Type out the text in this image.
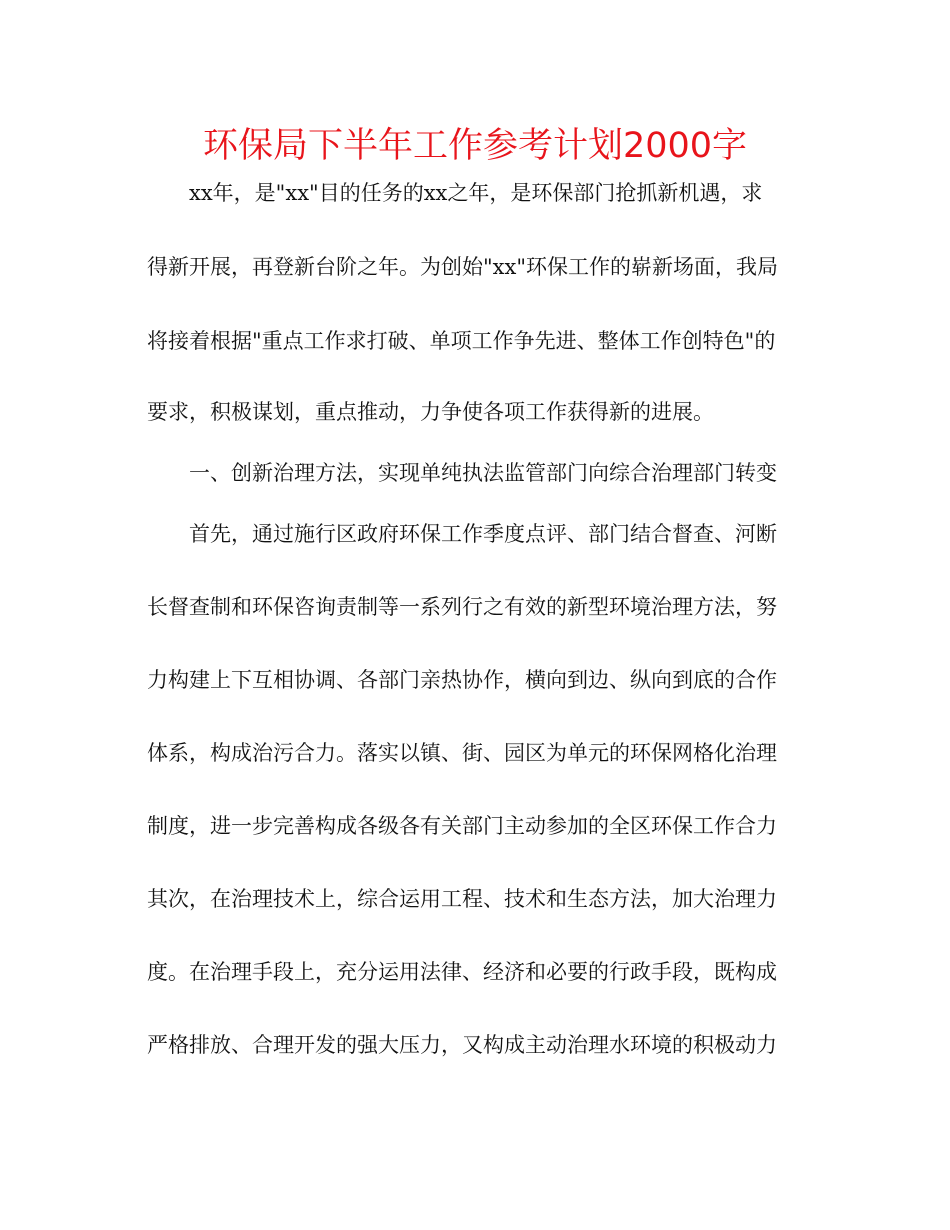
环保局下半年工作参考计划2000字
xx年，是"xx"目的任务的xx之年，是环保部门抢抓新机遇，求
得新开展，再登新台阶之年。为创始"xx"环保工作的崭新场面，我局
将接着根据"重点工作求打破、单项工作争先进、整体工作创特色"的
要求，积极谋划，重点推动，力争使各项工作获得新的进展。
一、创新治理方法，实现单纯执法监管部门向综合治理部门转变
首先，通过施行区政府环保工作季度点评、部门结合督查、河断
长督查制和环保咨询责制等一系列行之有效的新型环境治理方法，努
力构建上下互相协调、各部门亲热协作，横向到边、纵向到底的合作
体系，构成治污合力。落实以镇、街、园区为单元的环保网格化治理
制度，进一步完善构成各级各有关部门主动参加的全区环保工作合力
其次，在治理技术上，综合运用工程、技术和生态方法，加大治理力
度。在治理手段上，充分运用法律、经济和必要的行政手段，既构成
严格排放、合理开发的强大压力，又构成主动治理水环境的积极动力
